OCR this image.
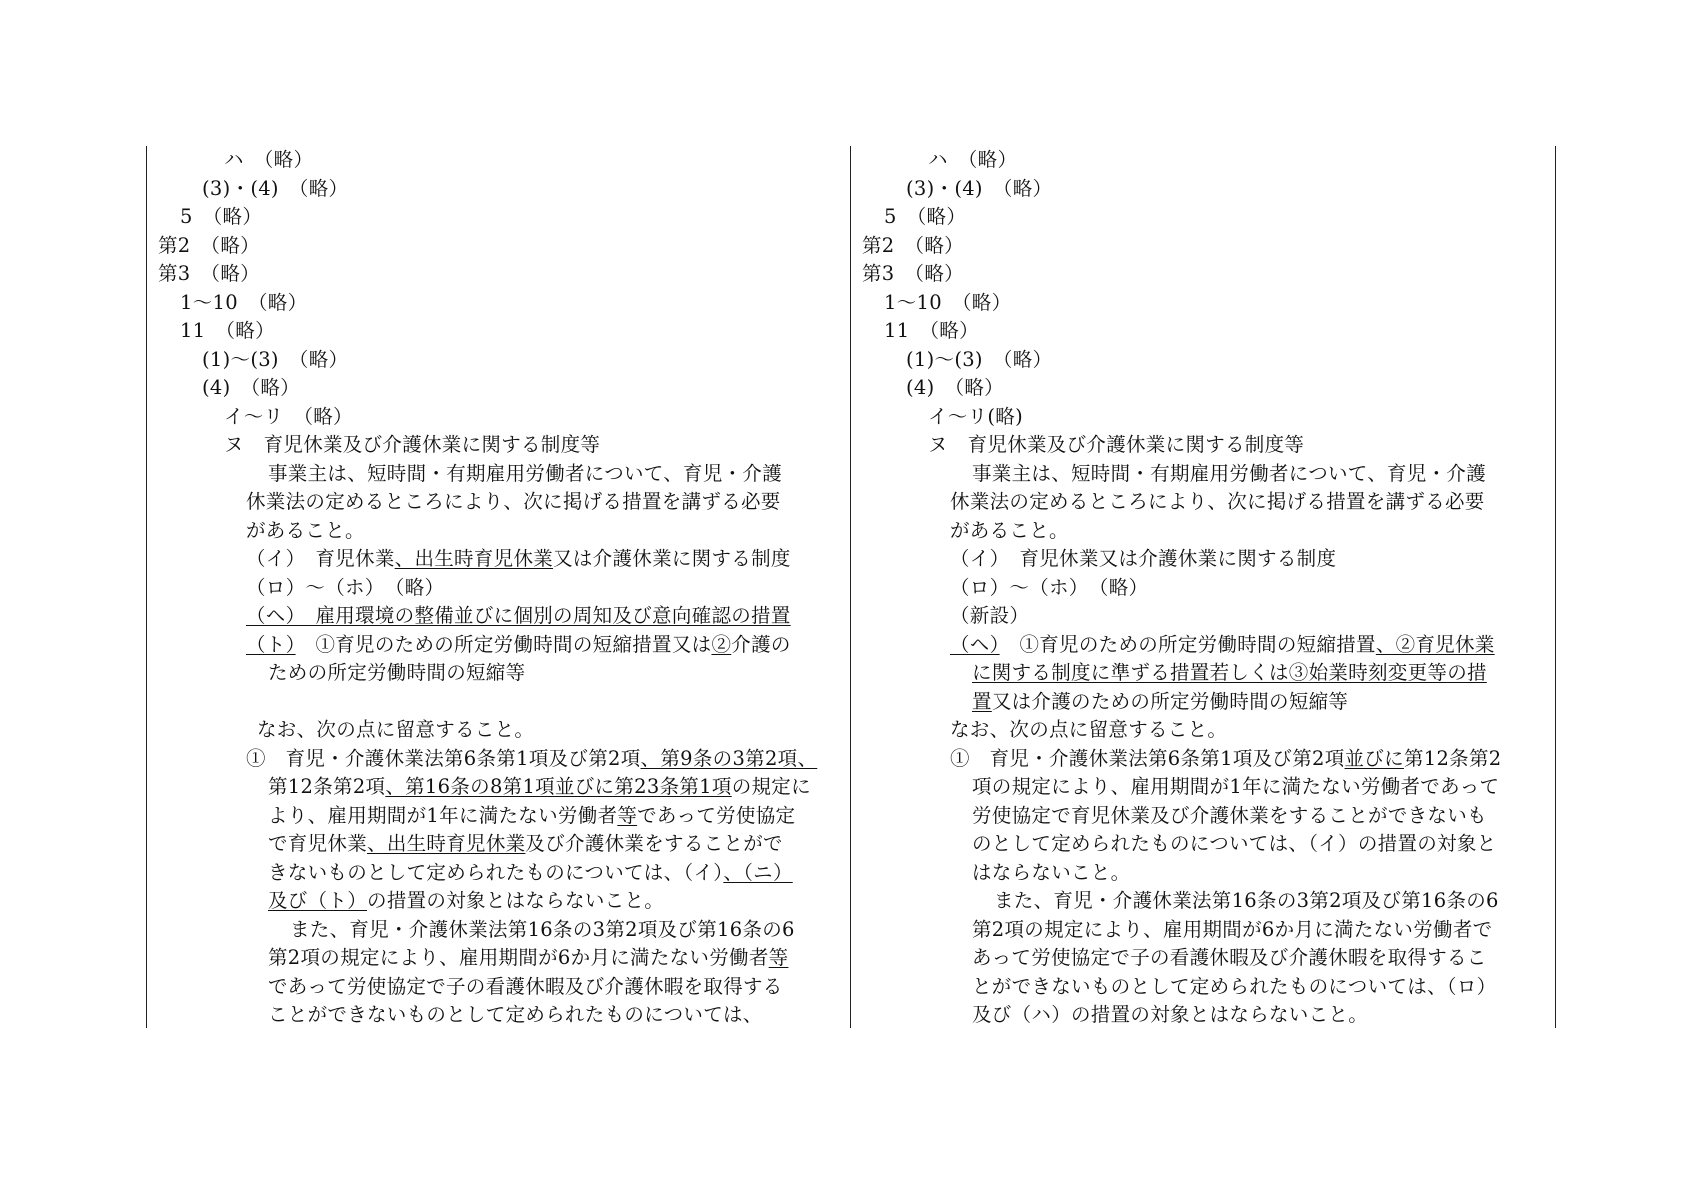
ハ　（略）
(3)・(4)　（略）
5　（略）
第2　（略）
第3　（略）
1～10　（略）
11　（略）
(1)～(3)　（略）
(4)　（略）
イ～リ　（略）
ヌ　育児休業及び介護休業に関する制度等
事業主は、短時間・有期雇用労働者について、育児・介護
休業法の定めるところにより、次に掲げる措置を講ずる必要
があること。
（イ）　育児休業、出生時育児休業又は介護休業に関する制度
（ロ）～（ホ）　（略）
（ヘ）　雇用環境の整備並びに個別の周知及び意向確認の措置
（ト）　①育児のための所定労働時間の短縮措置又は②介護の
ための所定労働時間の短縮等
なお、次の点に留意すること。
①　育児・介護休業法第6条第1項及び第2項、第9条の3第2項、
第12条第2項、第16条の8第1項並びに第23条第1項の規定に
より、雇用期間が1年に満たない労働者等であって労使協定
で育児休業、出生時育児休業及び介護休業をすることがで
きないものとして定められたものについては、（イ）、（ニ）
及び（ト）の措置の対象とはならないこと。
また、育児・介護休業法第16条の3第2項及び第16条の6
第2項の規定により、雇用期間が6か月に満たない労働者等
であって労使協定で子の看護休暇及び介護休暇を取得する
ことができないものとして定められたものについては、
ハ　（略）
(3)・(4)　（略）
5　（略）
第2　（略）
第3　（略）
1～10　（略）
11　（略）
(1)～(3)　（略）
(4)　（略）
イ～リ(略)
ヌ　育児休業及び介護休業に関する制度等
事業主は、短時間・有期雇用労働者について、育児・介護
休業法の定めるところにより、次に掲げる措置を講ずる必要
があること。
（イ）　育児休業又は介護休業に関する制度
（ロ）～（ホ）　（略）
（新設）
（ヘ）　①育児のための所定労働時間の短縮措置、②育児休業
に関する制度に準ずる措置若しくは③始業時刻変更等の措
置又は介護のための所定労働時間の短縮等
なお、次の点に留意すること。
①　育児・介護休業法第6条第1項及び第2項並びに第12条第2
項の規定により、雇用期間が1年に満たない労働者であって
労使協定で育児休業及び介護休業をすることができないも
のとして定められたものについては、（イ）の措置の対象と
はならないこと。
また、育児・介護休業法第16条の3第2項及び第16条の6
第2項の規定により、雇用期間が6か月に満たない労働者で
あって労使協定で子の看護休暇及び介護休暇を取得するこ
とができないものとして定められたものについては、（ロ）
及び（ハ）の措置の対象とはならないこと。
